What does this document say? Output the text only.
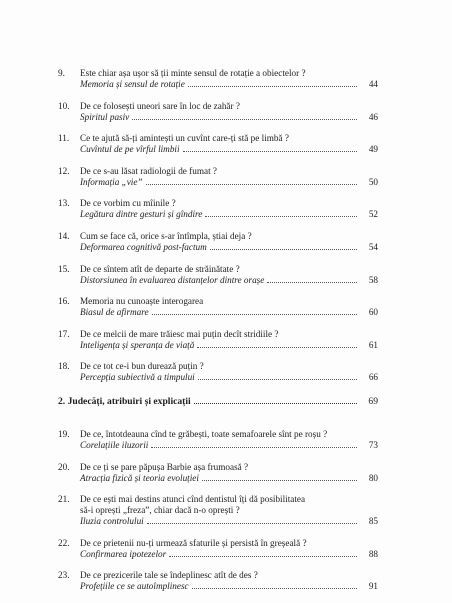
9. Este chiar așa ușor să ții minte sensul de rotație a obiectelor ?
Memoria și sensul de rotație	44
10. De ce folosești uneori sare în loc de zahăr ?
Spiritul pasiv	46
11. Ce te ajută să-ți amintești un cuvînt care-ți stă pe limbă ?
Cuvîntul de pe vîrful limbii	49
12. De ce s-au lăsat radiologii de fumat ?
Informația „vie”	50
13. De ce vorbim cu mîinile ?
Legătura dintre gesturi și gîndire	52
14. Cum se face că, orice s-ar întîmpla, știai deja ?
Deformarea cognitivă post-factum	54
15. De ce sîntem atît de departe de străinătate ?
Distorsiunea în evaluarea distanțelor dintre orașe	58
16. Memoria nu cunoaște interogarea
Biasul de afirmare	60
17. De ce melcii de mare trăiesc mai puțin decît stridiile ?
Inteligența și speranța de viață	61
18. De ce tot ce-i bun durează puțin ?
Percepția subiectivă a timpului	66
2. Judecăți, atribuiri și explicații	69
19. De ce, întotdeauna cînd te grăbești, toate semafoarele sînt pe roșu ?
Corelațiile iluzorii	73
20. De ce ți se pare păpușa Barbie așa frumoasă ?
Atracția fizică și teoria evoluției	80
21. De ce ești mai destins atunci cînd dentistul îți dă posibilitatea
să-i oprești „freza”, chiar dacă n-o oprești ?
Iluzia controlului	85
22. De ce prietenii nu-ți urmează sfaturile și persistă în greșeală ?
Confirmarea ipotezelor	88
23. De ce prezicerile tale se îndeplinesc atît de des ?
Profețiile ce se autoîmplinesc	91
